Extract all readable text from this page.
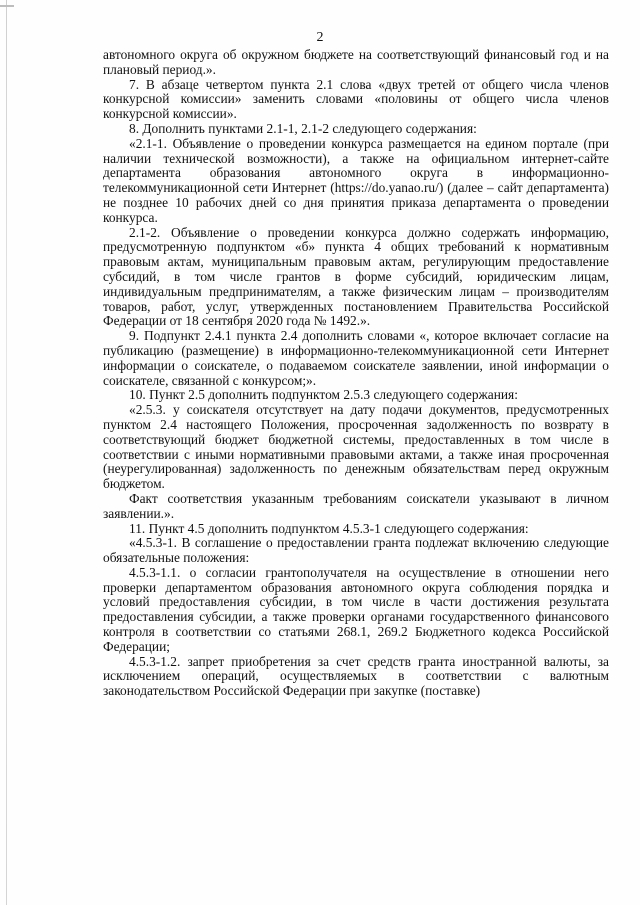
2

автономного округа об окружном бюджете на соответствующий финансовый год и на плановый период.».

7. В абзаце четвертом пункта 2.1 слова «двух третей от общего числа членов конкурсной комиссии» заменить словами «половины от общего числа членов конкурсной комиссии».

8. Дополнить пунктами 2.1-1, 2.1-2 следующего содержания:

«2.1-1. Объявление о проведении конкурса размещается на едином портале (при наличии технической возможности), а также на официальном интернет-сайте департамента образования автономного округа в информационно-телекоммуникационной сети Интернет (https://do.yanao.ru/) (далее – сайт департамента) не позднее 10 рабочих дней со дня принятия приказа департамента о проведении конкурса.

2.1-2. Объявление о проведении конкурса должно содержать информацию, предусмотренную подпунктом «б» пункта 4 общих требований к нормативным правовым актам, муниципальным правовым актам, регулирующим предоставление субсидий, в том числе грантов в форме субсидий, юридическим лицам, индивидуальным предпринимателям, а также физическим лицам – производителям товаров, работ, услуг, утвержденных постановлением Правительства Российской Федерации от 18 сентября 2020 года № 1492.».

9. Подпункт 2.4.1 пункта 2.4 дополнить словами «, которое включает согласие на публикацию (размещение) в информационно-телекоммуникационной сети Интернет информации о соискателе, о подаваемом соискателе заявлении, иной информации о соискателе, связанной с конкурсом;».

10. Пункт 2.5 дополнить подпунктом 2.5.3 следующего содержания:

«2.5.3. у соискателя отсутствует на дату подачи документов, предусмотренных пунктом 2.4 настоящего Положения, просроченная задолженность по возврату в соответствующий бюджет бюджетной системы, предоставленных в том числе в соответствии с иными нормативными правовыми актами, а также иная просроченная (неурегулированная) задолженность по денежным обязательствам перед окружным бюджетом.

Факт соответствия указанным требованиям соискатели указывают в личном заявлении.».

11. Пункт 4.5 дополнить подпунктом 4.5.3-1 следующего содержания:

«4.5.3-1. В соглашение о предоставлении гранта подлежат включению следующие обязательные положения:

4.5.3-1.1. о согласии грантополучателя на осуществление в отношении него проверки департаментом образования автономного округа соблюдения порядка и условий предоставления субсидии, в том числе в части достижения результата предоставления субсидии, а также проверки органами государственного финансового контроля в соответствии со статьями 268.1, 269.2 Бюджетного кодекса Российской Федерации;

4.5.3-1.2. запрет приобретения за счет средств гранта иностранной валюты, за исключением операций, осуществляемых в соответствии с валютным законодательством Российской Федерации при закупке (поставке)
